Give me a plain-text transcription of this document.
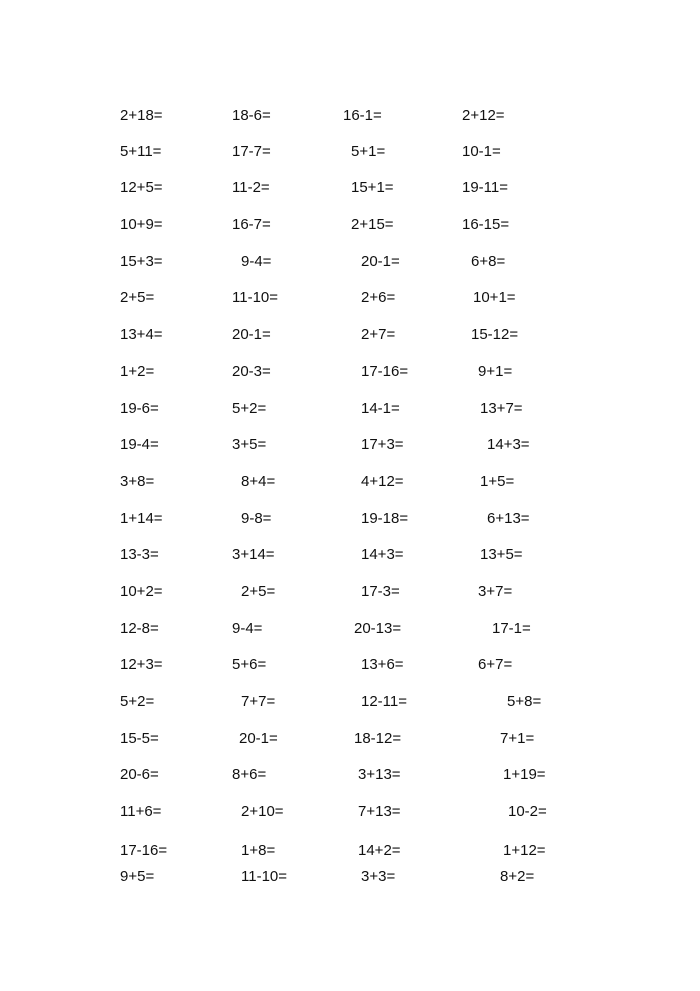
2+18=	18-6=	16-1=	2+12=
5+11=	17-7=	5+1=	10-1=
12+5=	11-2=	15+1=	19-11=
10+9=	16-7=	2+15=	16-15=
15+3=	9-4=	20-1=	6+8=
2+5=	11-10=	2+6=	10+1=
13+4=	20-1=	2+7=	15-12=
1+2=	20-3=	17-16=	9+1=
19-6=	5+2=	14-1=	13+7=
19-4=	3+5=	17+3=	14+3=
3+8=	8+4=	4+12=	1+5=
1+14=	9-8=	19-18=	6+13=
13-3=	3+14=	14+3=	13+5=
10+2=	2+5=	17-3=	3+7=
12-8=	9-4=	20-13=	17-1=
12+3=	5+6=	13+6=	6+7=
5+2=	7+7=	12-11=	5+8=
15-5=	20-1=	18-12=	7+1=
20-6=	8+6=	3+13=	1+19=
11+6=	2+10=	7+13=	10-2=
17-16=	1+8=	14+2=	1+12=
9+5=	11-10=	3+3=	8+2=
